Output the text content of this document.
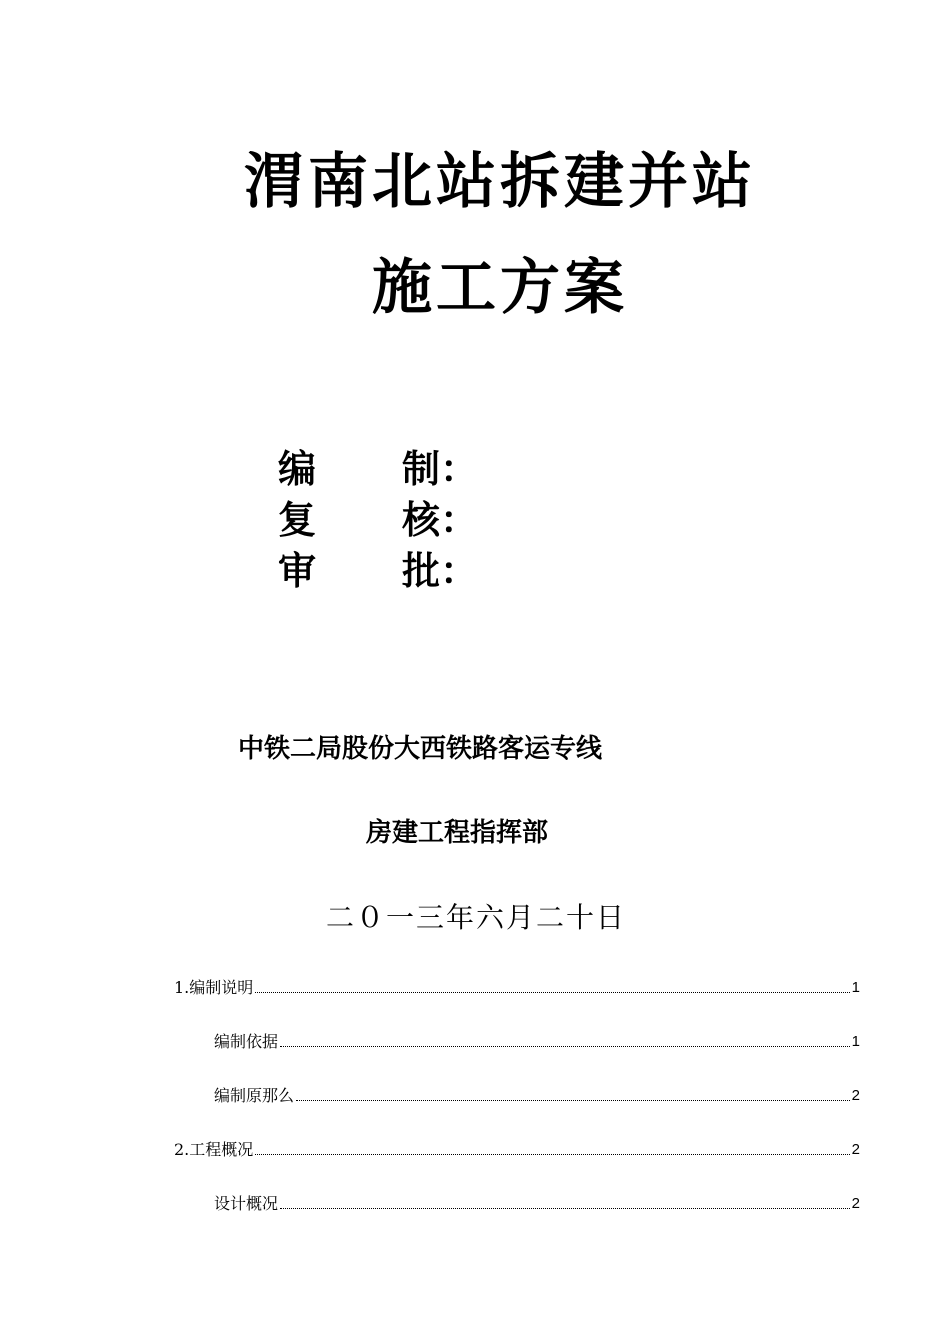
渭南北站拆建并站
施工方案
编 制：
复 核：
审 批：
中铁二局股份大西铁路客运专线
房建工程指挥部
二０一三年六月二十日
1.编制说明	1
编制依据	1
编制原那么	2
2.工程概况	2
设计概况	2
